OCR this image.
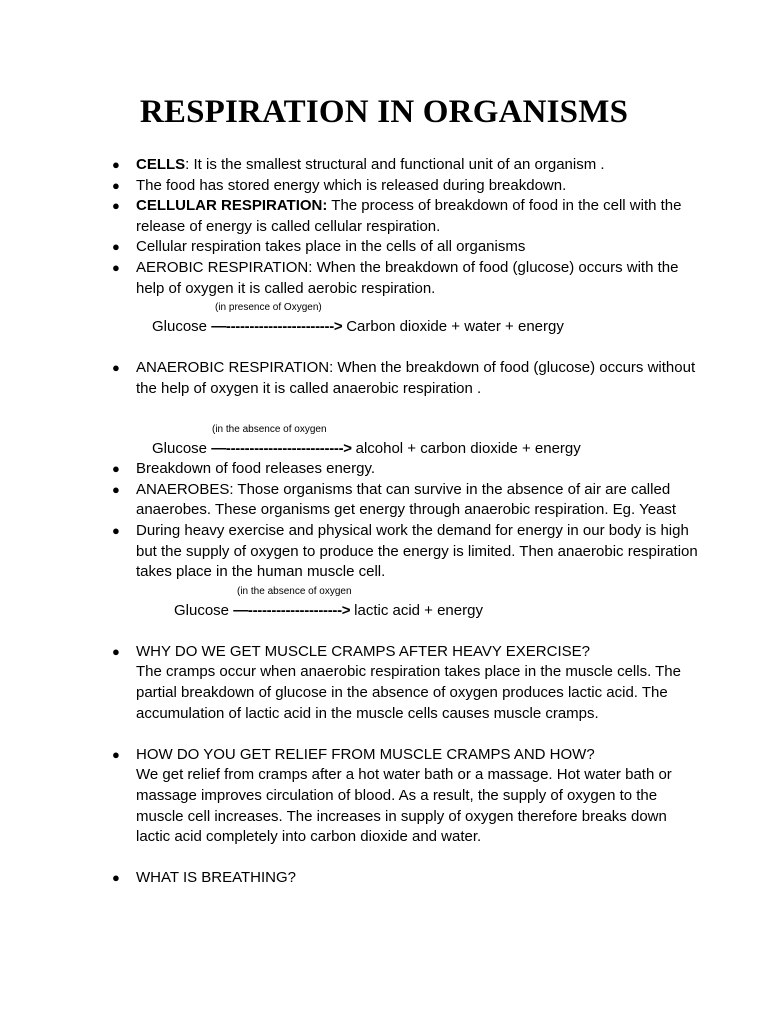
RESPIRATION IN ORGANISMS
● CELLS: It is the smallest structural and functional unit of an organism .
● The food has stored energy which is released during breakdown.
● CELLULAR RESPIRATION: The process of breakdown of food in the cell with the release of energy is called cellular respiration.
● Cellular respiration takes place in the cells of all organisms
● AEROBIC RESPIRATION: When the breakdown of food (glucose) occurs with the help of oxygen it is called aerobic respiration.
(in presence of Oxygen)
Glucose —-----------------------> Carbon dioxide + water + energy
● ANAEROBIC RESPIRATION: When the breakdown of food (glucose) occurs without the help of oxygen it is called anaerobic respiration .
(in the absence of oxygen
Glucose —-------------------------> alcohol + carbon dioxide + energy
● Breakdown of food releases energy.
● ANAEROBES: Those organisms that can survive in the absence of air are called anaerobes. These organisms get energy through anaerobic respiration. Eg. Yeast
● During heavy exercise and physical work the demand for energy in our body is high but the supply of oxygen to produce the energy is limited. Then anaerobic respiration takes place in the human muscle cell.
(in the absence of oxygen
Glucose —--------------------> lactic acid + energy
● WHY DO WE GET MUSCLE CRAMPS AFTER HEAVY EXERCISE?
The cramps occur when anaerobic respiration takes place in the muscle cells. The partial breakdown of glucose in the absence of oxygen produces lactic acid. The accumulation of lactic acid in the muscle cells causes muscle cramps.
● HOW DO YOU GET RELIEF FROM MUSCLE CRAMPS AND HOW?
We get relief from cramps after a hot water bath or a massage. Hot water bath or massage improves circulation of blood. As a result, the supply of oxygen to the muscle cell increases. The increases in supply of oxygen therefore breaks down lactic acid completely into carbon dioxide and water.
● WHAT IS BREATHING?
